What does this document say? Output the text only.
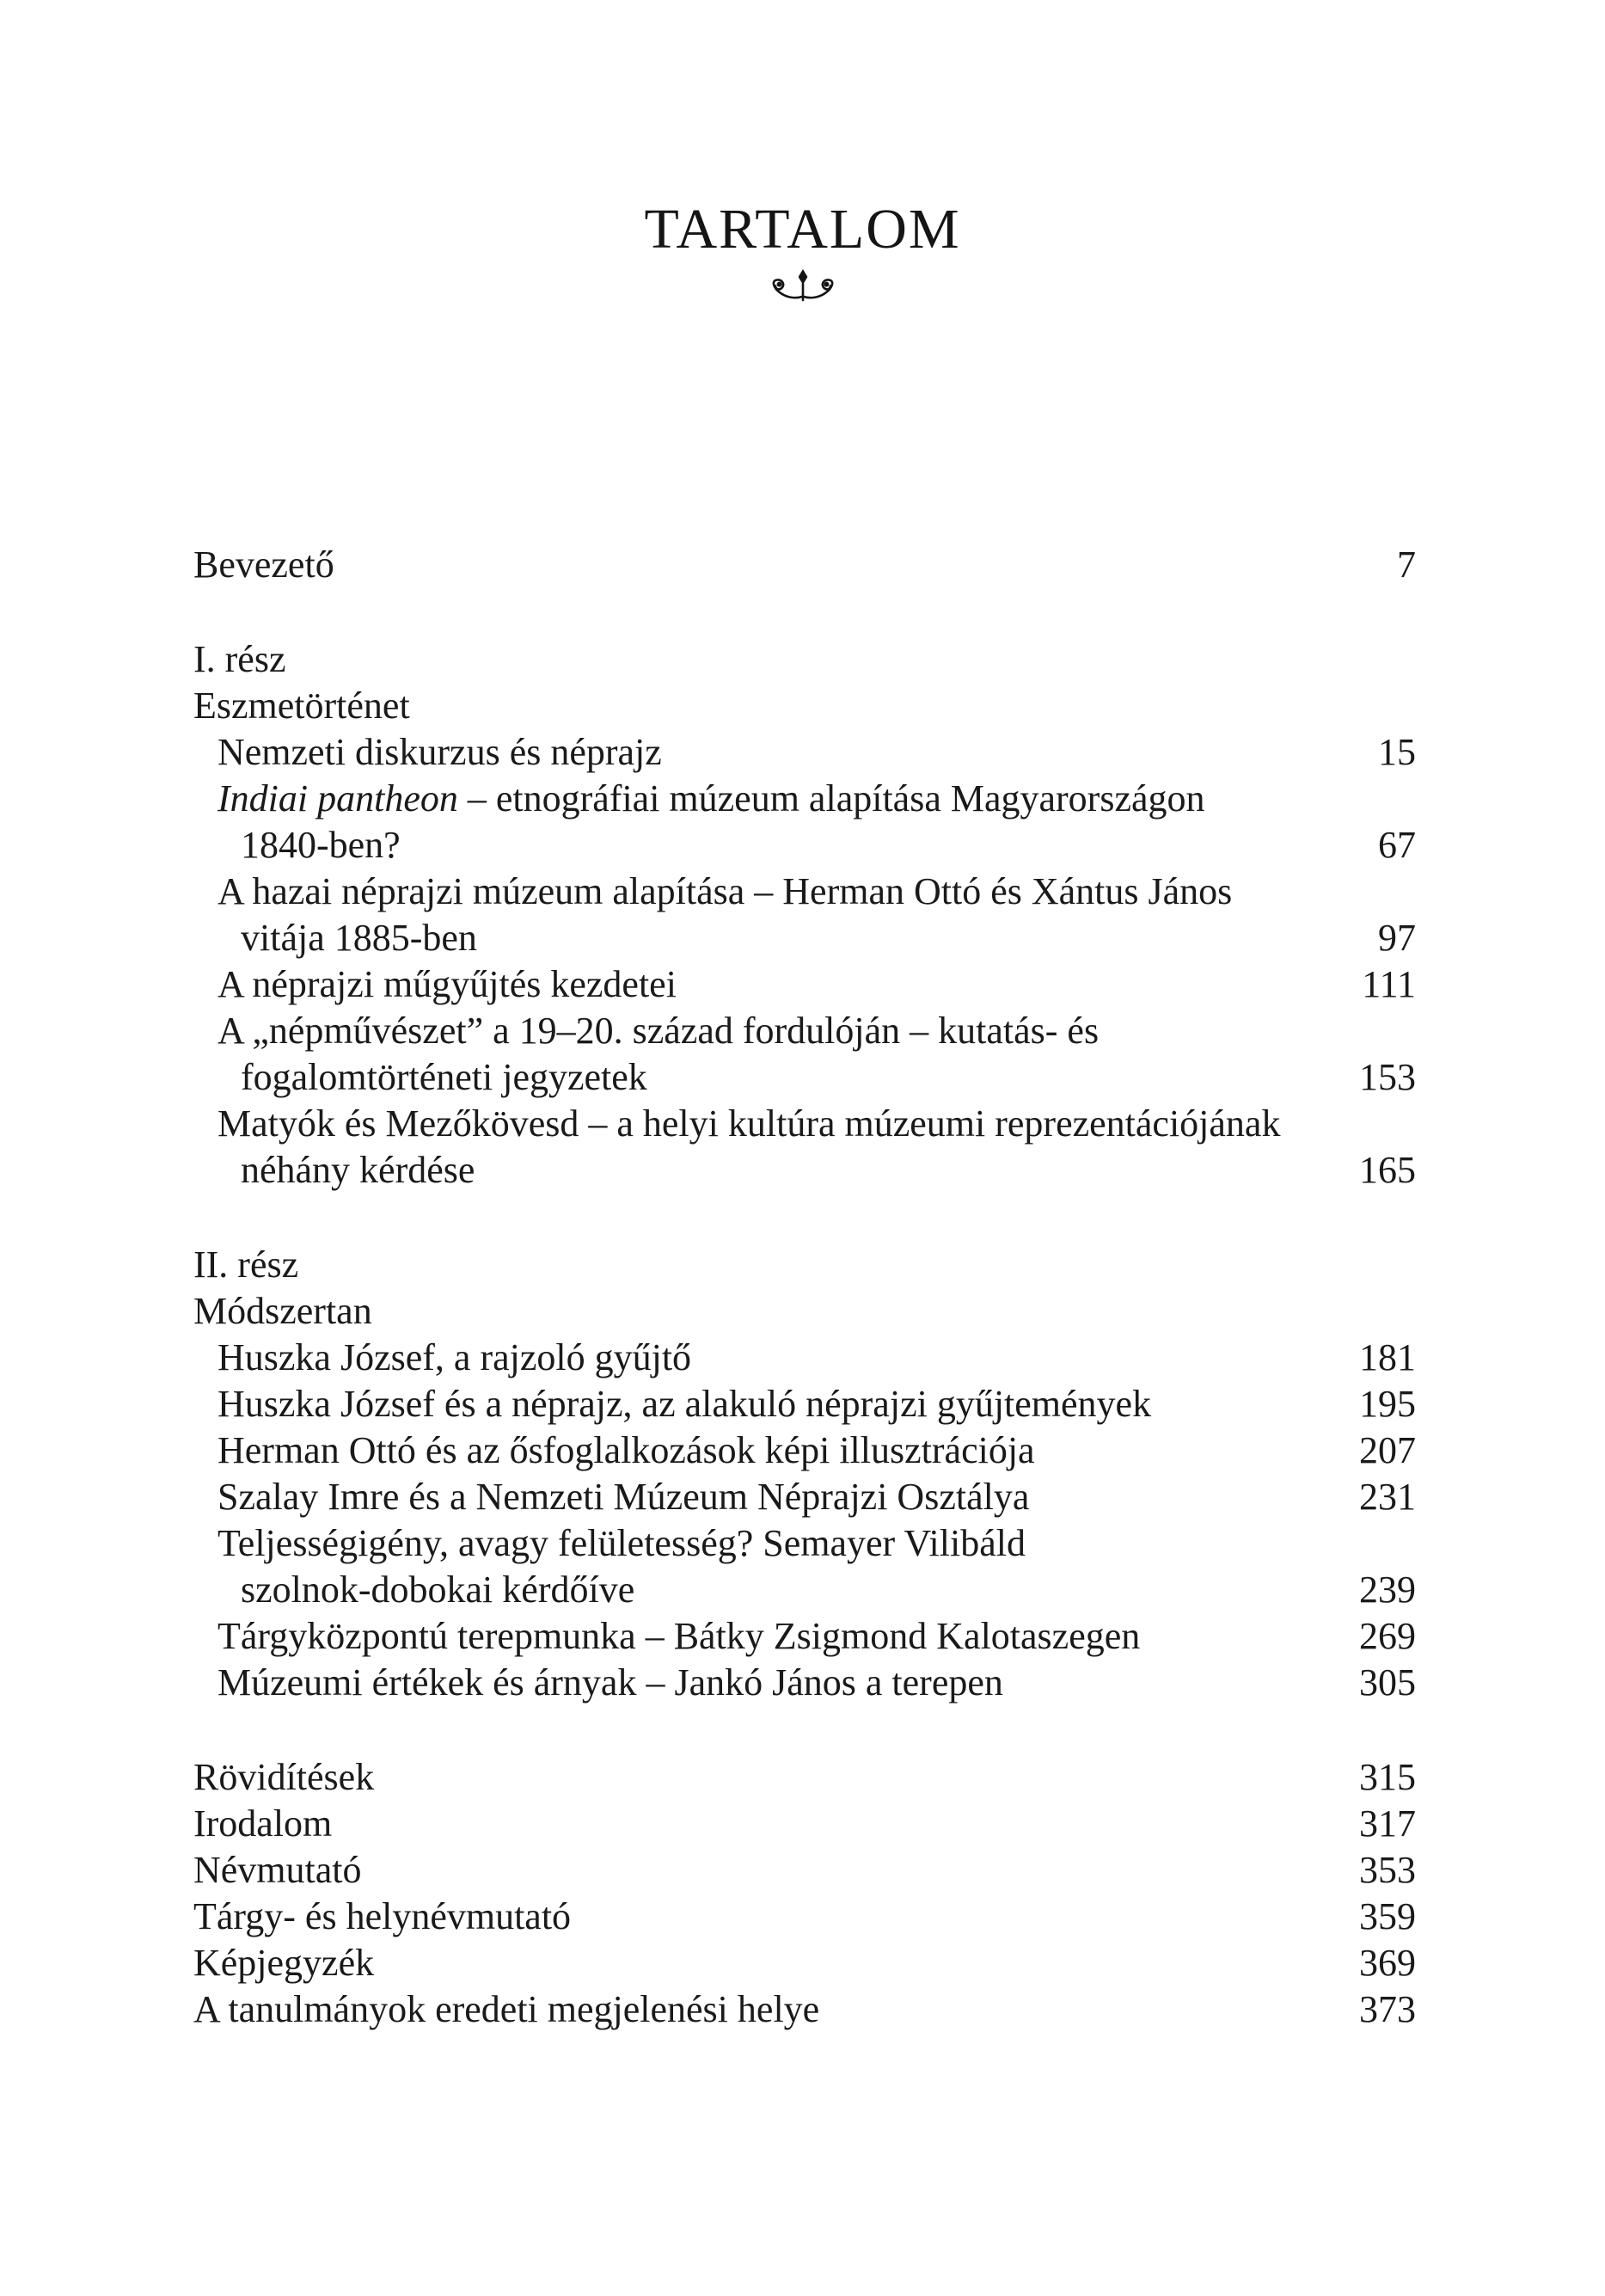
TARTALOM
Bevezető	7
I. rész
Eszmetörténet
Nemzeti diskurzus és néprajz	15
Indiai pantheon – etnográfiai múzeum alapítása Magyarországon
1840-ben?	67
A hazai néprajzi múzeum alapítása – Herman Ottó és Xántus János
vitája 1885-ben	97
A néprajzi műgyűjtés kezdetei	111
A „népművészet” a 19–20. század fordulóján – kutatás- és
fogalomtörténeti jegyzetek	153
Matyók és Mezőkövesd – a helyi kultúra múzeumi reprezentációjának
néhány kérdése	165
II. rész
Módszertan
Huszka József, a rajzoló gyűjtő	181
Huszka József és a néprajz, az alakuló néprajzi gyűjtemények	195
Herman Ottó és az ősfoglalkozások képi illusztrációja	207
Szalay Imre és a Nemzeti Múzeum Néprajzi Osztálya	231
Teljességigény, avagy felületesség? Semayer Vilibáld
szolnok-dobokai kérdőíve	239
Tárgyközpontú terepmunka – Bátky Zsigmond Kalotaszegen	269
Múzeumi értékek és árnyak – Jankó János a terepen	305
Rövidítések	315
Irodalom	317
Névmutató	353
Tárgy- és helynévmutató	359
Képjegyzék	369
A tanulmányok eredeti megjelenési helye	373
